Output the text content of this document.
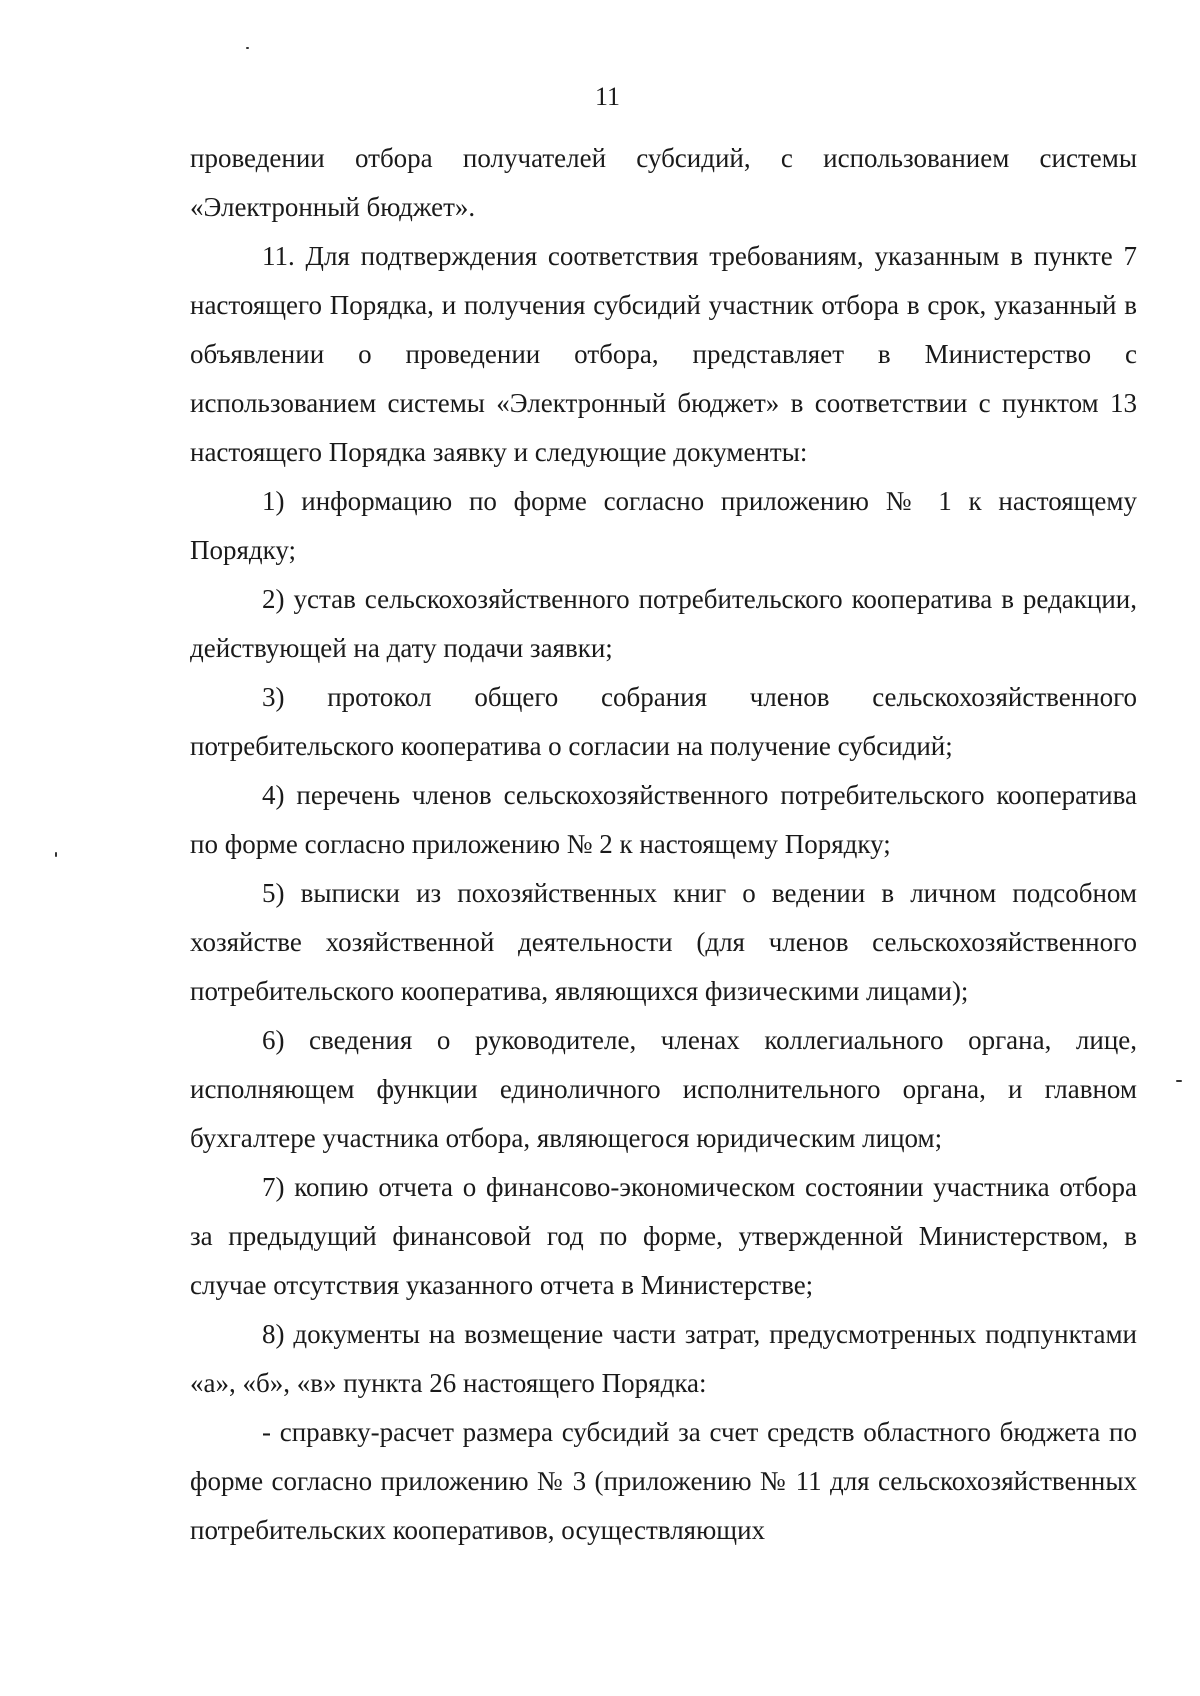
11

проведении отбора получателей субсидий, с использованием системы «Электронный бюджет».

11. Для подтверждения соответствия требованиям, указанным в пункте 7 настоящего Порядка, и получения субсидий участник отбора в срок, указанный в объявлении о проведении отбора, представляет в Министерство с использованием системы «Электронный бюджет» в соответствии с пунктом 13 настоящего Порядка заявку и следующие документы:

1) информацию по форме согласно приложению № 1 к настоящему Порядку;

2) устав сельскохозяйственного потребительского кооператива в редакции, действующей на дату подачи заявки;

3) протокол общего собрания членов сельскохозяйственного потребительского кооператива о согласии на получение субсидий;

4) перечень членов сельскохозяйственного потребительского кооператива по форме согласно приложению № 2 к настоящему Порядку;

5) выписки из похозяйственных книг о ведении в личном подсобном хозяйстве хозяйственной деятельности (для членов сельскохозяйственного потребительского кооператива, являющихся физическими лицами);

6) сведения о руководителе, членах коллегиального органа, лице, исполняющем функции единоличного исполнительного органа, и главном бухгалтере участника отбора, являющегося юридическим лицом;

7) копию отчета о финансово-экономическом состоянии участника отбора за предыдущий финансовой год по форме, утвержденной Министерством, в случае отсутствия указанного отчета в Министерстве;

8) документы на возмещение части затрат, предусмотренных подпунктами «а», «б», «в» пункта 26 настоящего Порядка:

- справку-расчет размера субсидий за счет средств областного бюджета по форме согласно приложению № 3 (приложению № 11 для сельскохозяйственных потребительских кооперативов, осуществляющих
